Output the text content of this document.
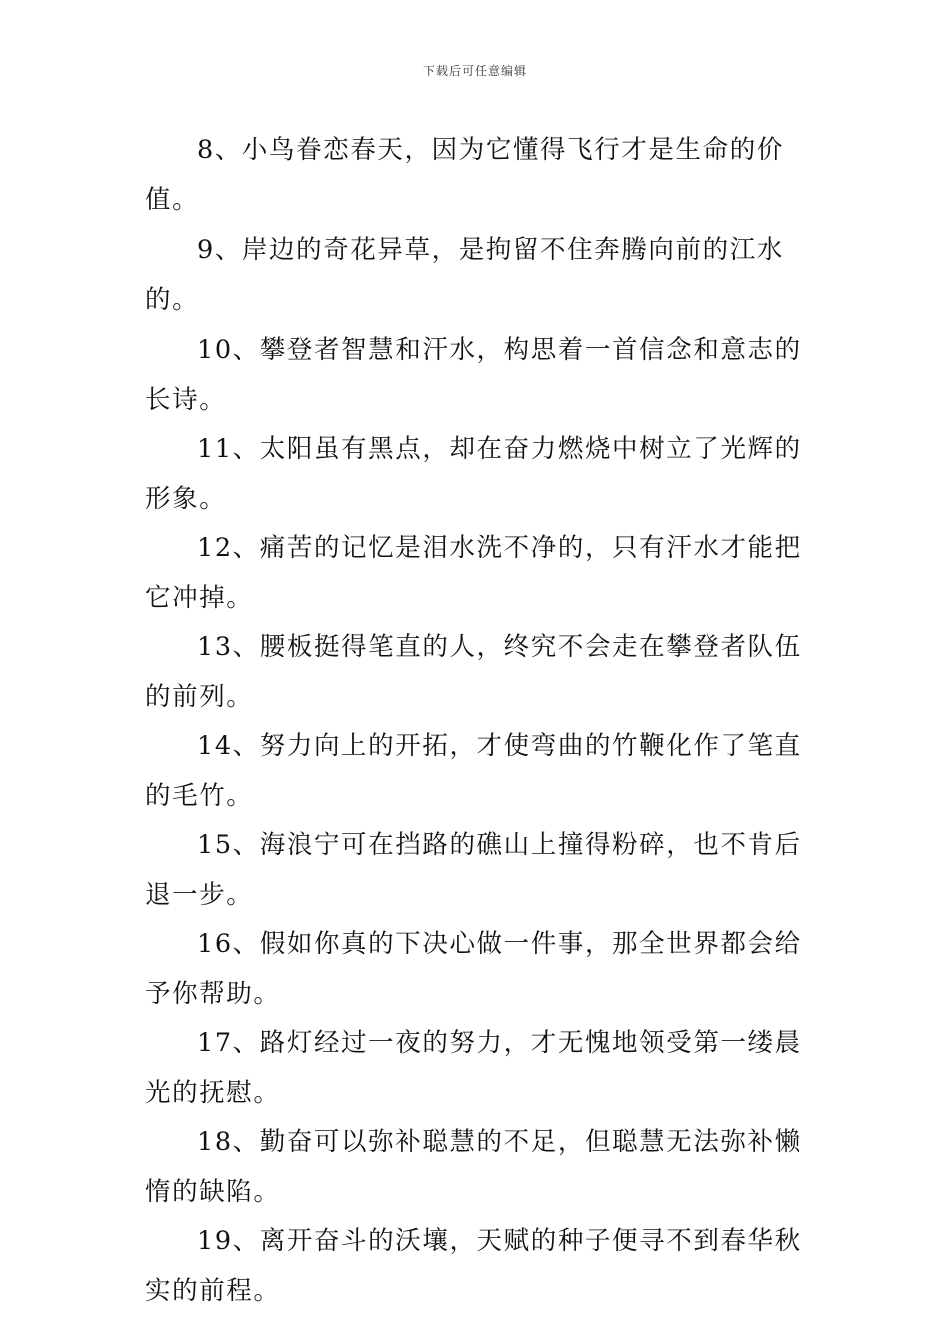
下载后可任意编辑

8、小鸟眷恋春天，因为它懂得飞行才是生命的价值。

9、岸边的奇花异草，是拘留不住奔腾向前的江水的。

10、攀登者智慧和汗水，构思着一首信念和意志的长诗。

11、太阳虽有黑点，却在奋力燃烧中树立了光辉的形象。

12、痛苦的记忆是泪水洗不净的，只有汗水才能把它冲掉。

13、腰板挺得笔直的人，终究不会走在攀登者队伍的前列。

14、努力向上的开拓，才使弯曲的竹鞭化作了笔直的毛竹。

15、海浪宁可在挡路的礁山上撞得粉碎，也不肯后退一步。

16、假如你真的下决心做一件事，那全世界都会给予你帮助。

17、路灯经过一夜的努力，才无愧地领受第一缕晨光的抚慰。

18、勤奋可以弥补聪慧的不足，但聪慧无法弥补懒惰的缺陷。

19、离开奋斗的沃壤，天赋的种子便寻不到春华秋实的前程。
